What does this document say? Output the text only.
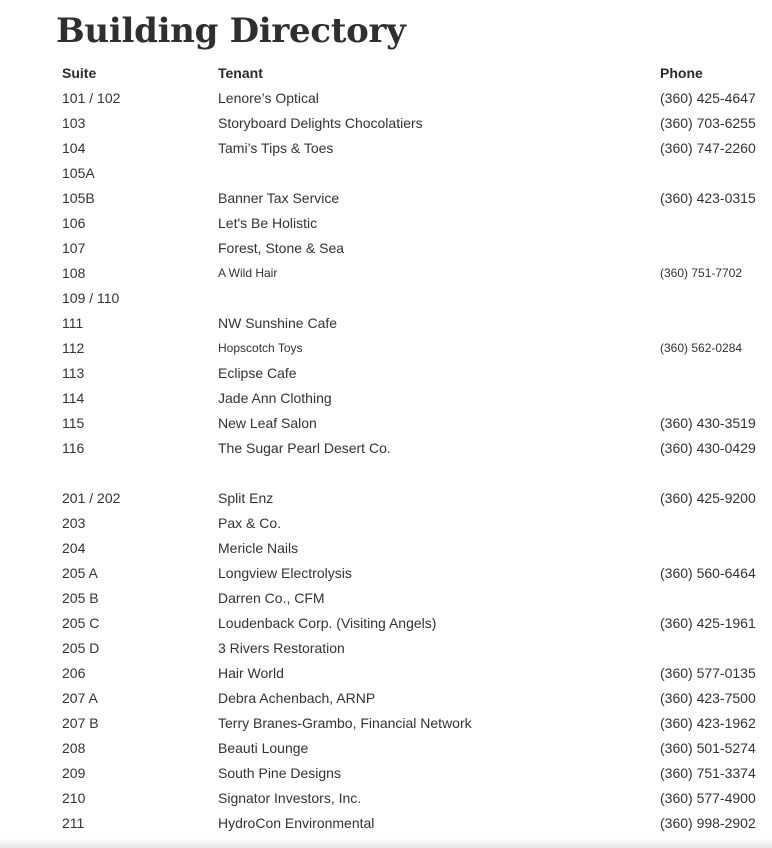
Building Directory
Suite	Tenant	Phone
101 / 102	Lenore’s Optical	(360) 425-4647
103	Storyboard Delights Chocolatiers	(360) 703-6255
104	Tami’s Tips & Toes	(360) 747-2260
105A		
105B	Banner Tax Service	(360) 423-0315
106	Let's Be Holistic	
107	Forest, Stone & Sea	
108	A Wild Hair	(360) 751-7702
109 / 110		
111	NW Sunshine Cafe	
112	Hopscotch Toys	(360) 562-0284
113	Eclipse Cafe	
114	Jade Ann Clothing	
115	New Leaf Salon	(360) 430-3519
116	The Sugar Pearl Desert Co.	(360) 430-0429

201 / 202	Split Enz	(360) 425-9200
203	Pax & Co.	
204	Mericle Nails	
205 A	Longview Electrolysis	(360) 560-6464
205 B	Darren Co., CFM	
205 C	Loudenback Corp. (Visiting Angels)	(360) 425-1961
205 D	3 Rivers Restoration	
206	Hair World	(360) 577-0135
207 A	Debra Achenbach, ARNP	(360) 423-7500
207 B	Terry Branes-Grambo, Financial Network	(360) 423-1962
208	Beauti Lounge	(360) 501-5274
209	South Pine Designs	(360) 751-3374
210	Signator Investors, Inc.	(360) 577-4900
211	HydroCon Environmental	(360) 998-2902
